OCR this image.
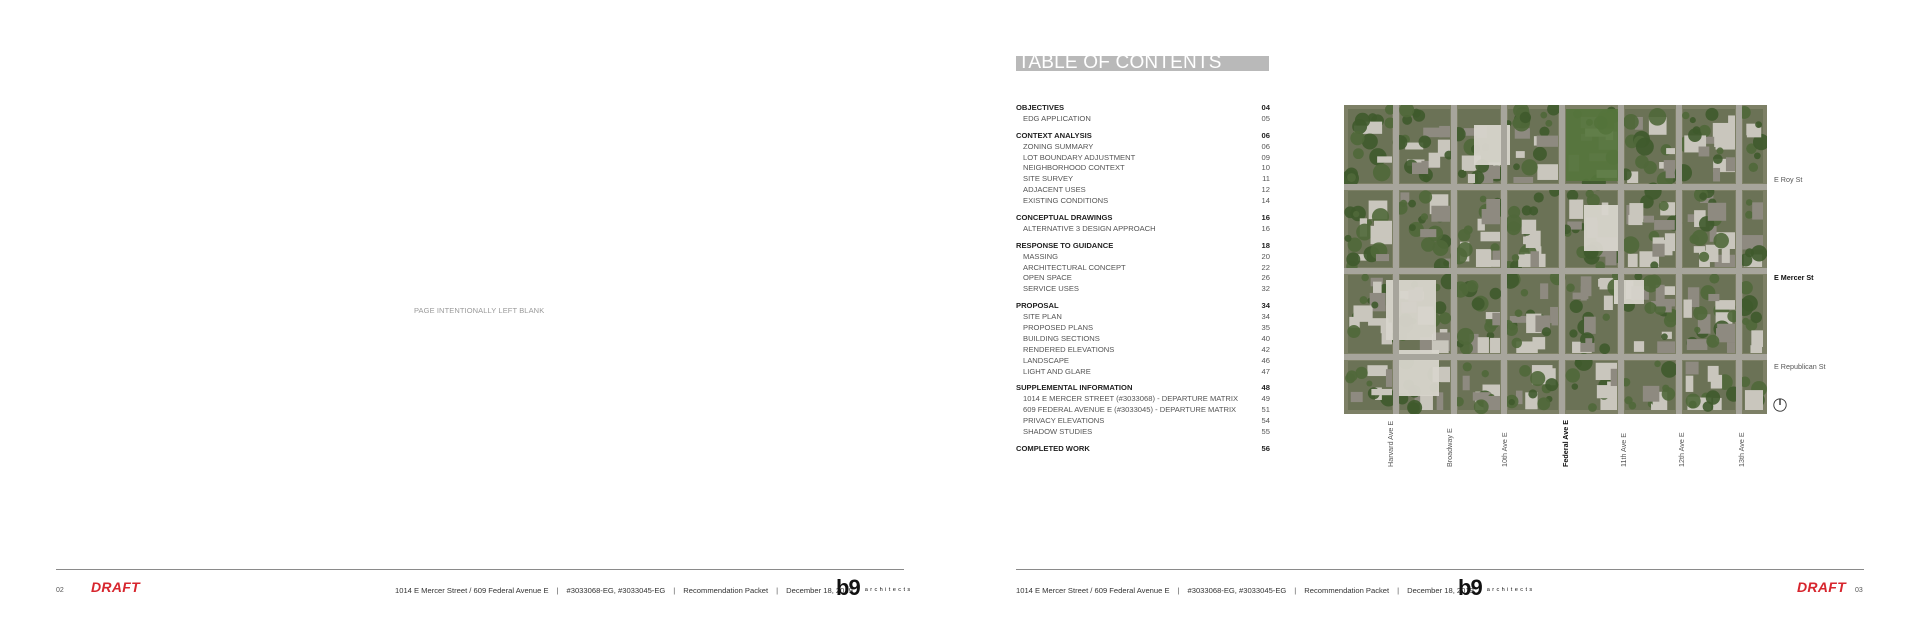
PAGE INTENTIONALLY LEFT BLANK
02 DRAFT	1014 E Mercer Street / 609 Federal Avenue E | #3033068-EG, #3033045-EG | Recommendation Packet | December 18, 2019
b9 $^{architects}$
TABLE OF CONTENTS
OBJECTIVES	04
EDG APPLICATION	05
CONTEXT ANALYSIS	06
ZONING SUMMARY	06
LOT BOUNDARY ADJUSTMENT	09
NEIGHBORHOOD CONTEXT	10
SITE SURVEY	11
ADJACENT USES	12
EXISTING CONDITIONS	14
CONCEPTUAL DRAWINGS	16
ALTERNATIVE 3 DESIGN APPROACH	16
RESPONSE TO GUIDANCE	18
MASSING	20
ARCHITECTURAL CONCEPT	22
OPEN SPACE	26
SERVICE USES	32
PROPOSAL	34
SITE PLAN	34
PROPOSED PLANS	35
BUILDING SECTIONS	40
RENDERED ELEVATIONS	42
LANDSCAPE	46
LIGHT AND GLARE	47
SUPPLEMENTAL INFORMATION	48
1014 E MERCER STREET (#3033068) - DEPARTURE MATRIX	49
609 FEDERAL AVENUE E (#3033045) - DEPARTURE MATRIX	51
PRIVACY ELEVATIONS	54
SHADOW STUDIES	55
COMPLETED WORK	56
E Roy St
E Mercer St
E Republican St
Harvard Ave E	Broadway E	10th Ave E	Federal Ave E	11th Ave E	12th Ave E	13th Ave E
1014 E Mercer Street / 609 Federal Avenue E | #3033068-EG, #3033045-EG | Recommendation Packet | December 18, 2019
b9 $^{architects}$	DRAFT 03
